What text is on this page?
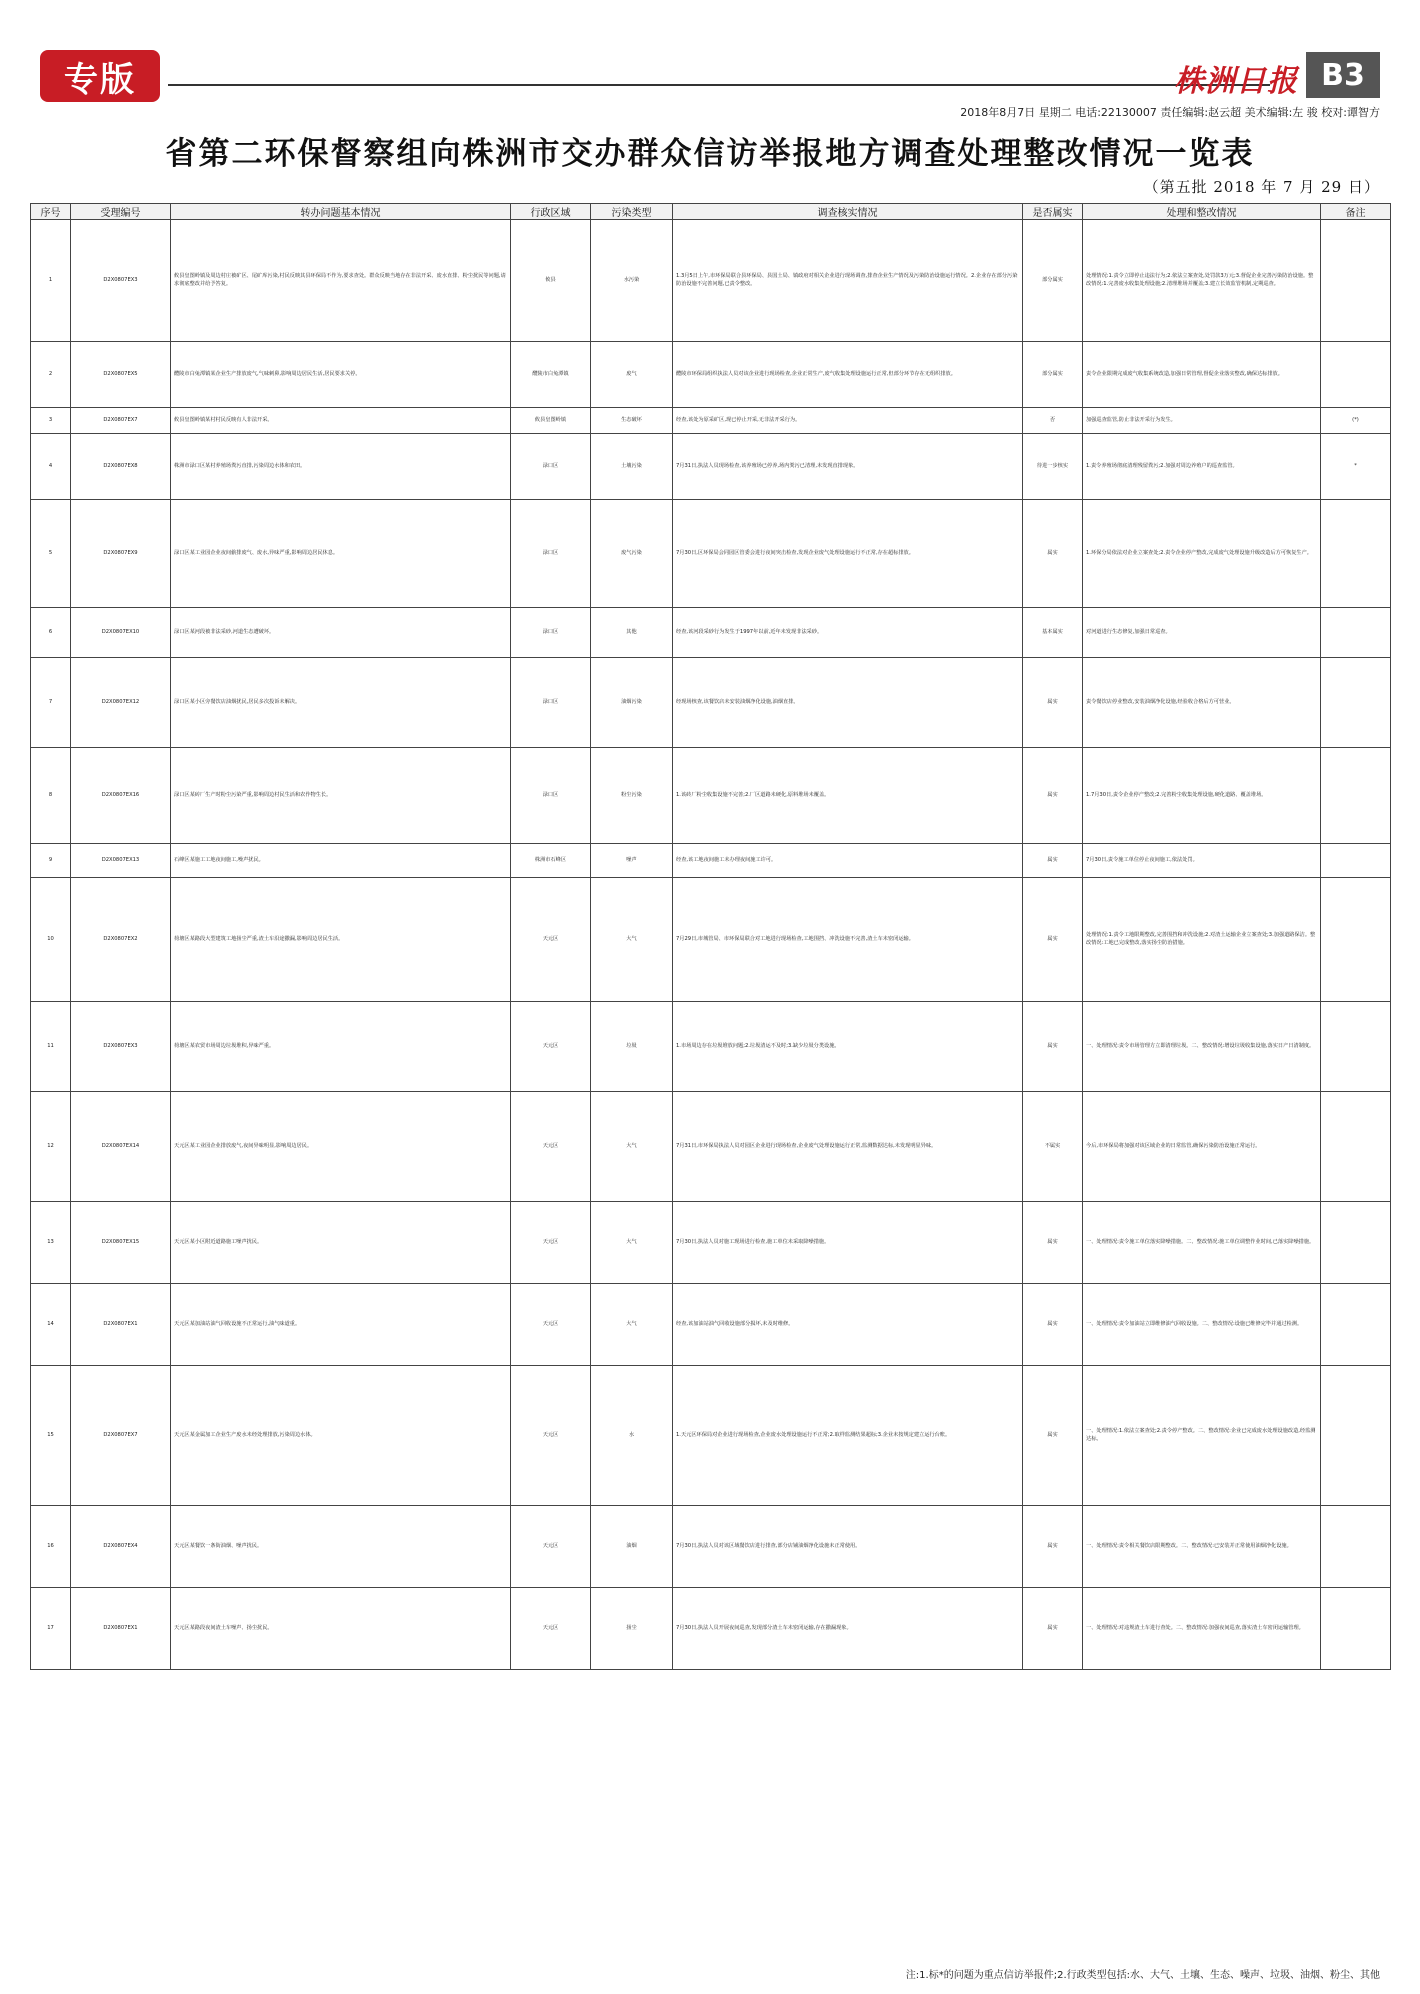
专版	株洲日报 B3
2018年8月7日 星期二 电话:22130007 责任编辑:赵云超 美术编辑:左 骏 校对:谭智方
省第二环保督察组向株洲市交办群众信访举报地方调查处理整改情况一览表
（第五批 2018 年 7 月 29 日）
序号	受理编号	转办问题基本情况	行政区域	污染类型	调查核实情况	是否属实	处理和整改情况	备注
1	D2X0807EX3	攸县皇图岭镇及周边村庄被矿区、尾矿库污染,村民反映其县环保局不作为,要求查处。群众反映当地存在非法开采、废水直排、粉尘扰民等问题,请求彻底整改并给予答复。	攸县	水污染	1.3月5日上午,市环保局联合县环保局、县国土局、镇政府对相关企业进行现场调查,排查企业生产情况及污染防治设施运行情况。2.企业存在部分污染防治设施不完善问题,已责令整改。	部分属实	处理情况:1.责令立即停止违法行为;2.依法立案查处,处罚款3万元;3.督促企业完善污染防治设施。整改情况:1.完善废水收集处理设施;2.清理堆场并覆盖;3.建立长效监管机制,定期巡查。	
2	D2X0807EX5	醴陵市白兔潭镇某企业生产排放废气,气味刺鼻,影响周边居民生活,居民要求关停。	醴陵市白兔潭镇	废气	醴陵市环保局组织执法人员对该企业进行现场检查,企业正常生产,废气收集处理设施运行正常,但部分环节存在无组织排放。	部分属实	责令企业限期完成废气收集系统改造,加强日常管理,督促企业落实整改,确保达标排放。	
3	D2X0807EX7	攸县皇图岭镇某村村民反映有人非法开采。	攸县皇图岭镇	生态破坏	经查,该处为原采矿区,现已停止开采,无非法开采行为。	否	加强巡查监管,防止非法开采行为发生。	(*)
4	D2X0807EX8	株洲市渌口区某村养殖场粪污直排,污染周边水体和农田。	渌口区	土壤污染	7月31日,执法人员现场检查,该养殖场已停养,场内粪污已清理,未发现直排现象。	待进一步核实	1.责令养殖场彻底清理残留粪污;2.加强对周边养殖户的巡查监管。	*
5	D2X0807EX9	渌口区某工业园企业夜间偷排废气、废水,异味严重,影响周边居民休息。	渌口区	废气污染	7月30日,区环保局会同园区管委会进行夜间突击检查,发现企业废气处理设施运行不正常,存在超标排放。	属实	1.环保分局依法对企业立案查处;2.责令企业停产整改,完成废气处理设施升级改造后方可恢复生产。	
6	D2X0807EX10	渌口区某河段被非法采砂,河道生态遭破坏。	渌口区	其他	经查,该河段采砂行为发生于1997年以前,近年未发现非法采砂。	基本属实	对河道进行生态修复,加强日常巡查。	
7	D2X0807EX12	渌口区某小区旁餐饮店油烟扰民,居民多次投诉未解决。	渌口区	油烟污染	经现场核查,该餐饮店未安装油烟净化设施,油烟直排。	属实	责令餐饮店停业整改,安装油烟净化设施,经验收合格后方可营业。	
8	D2X0807EX16	渌口区某砖厂生产时粉尘污染严重,影响周边村民生活和农作物生长。	渌口区	粉尘污染	1.该砖厂粉尘收集设施不完善;2.厂区道路未硬化,原料堆场未覆盖。	属实	1.7月30日,责令企业停产整改;2.完善粉尘收集处理设施,硬化道路、覆盖堆场。	
9	D2X0807EX13	石峰区某施工工地夜间施工,噪声扰民。	株洲市石峰区	噪声	经查,该工地夜间施工未办理夜间施工许可。	属实	7月30日,责令施工单位停止夜间施工,依法处罚。	
10	D2X0807EX2	荷塘区某路段大型建筑工地扬尘严重,渣土车沿途撒漏,影响周边居民生活。	天元区	大气	7月29日,市城管局、市环保局联合对工地进行现场检查,工地围挡、冲洗设施不完善,渣土车未密闭运输。	属实	处理情况:1.责令工地限期整改,完善围挡和冲洗设施;2.对渣土运输企业立案查处;3.加强道路保洁。整改情况:工地已完成整改,落实扬尘防治措施。	
11	D2X0807EX3	荷塘区某农贸市场周边垃圾堆积,异味严重。	天元区	垃圾	1.市场周边存在垃圾堆放问题;2.垃圾清运不及时;3.缺少垃圾分类设施。	属实	一、处理情况:责令市场管理方立即清理垃圾。二、整改情况:增设垃圾收集设施,落实日产日清制度。	
12	D2X0807EX14	天元区某工业园企业排放废气,夜间异味明显,影响周边居民。	天元区	大气	7月31日,市环保局执法人员对园区企业进行现场检查,企业废气处理设施运行正常,监测数据达标,未发现明显异味。	不属实	今后,市环保局将加强对该区域企业的日常监管,确保污染防治设施正常运行。	
13	D2X0807EX15	天元区某小区附近道路施工噪声扰民。	天元区	大气	7月30日,执法人员对施工现场进行检查,施工单位未采取降噪措施。	属实	一、处理情况:责令施工单位落实降噪措施。二、整改情况:施工单位调整作业时间,已落实降噪措施。	
14	D2X0807EX1	天元区某加油站油气回收设施不正常运行,油气味道重。	天元区	大气	经查,该加油站油气回收设施部分损坏,未及时维修。	属实	一、处理情况:责令加油站立即维修油气回收设施。二、整改情况:设施已维修完毕并通过检测。	
15	D2X0807EX7	天元区某金属加工企业生产废水未经处理排放,污染周边水体。	天元区	水	1.天元区环保局对企业进行现场检查,企业废水处理设施运行不正常;2.取样监测结果超标;3.企业未按规定建立运行台账。	属实	一、处理情况:1.依法立案查处;2.责令停产整改。二、整改情况:企业已完成废水处理设施改造,经监测达标。	
16	D2X0807EX4	天元区某餐饮一条街油烟、噪声扰民。	天元区	油烟	7月30日,执法人员对该区域餐饮店进行排查,部分店铺油烟净化设施未正常使用。	属实	一、处理情况:责令相关餐饮店限期整改。二、整改情况:已安装并正常使用油烟净化设施。	
17	D2X0807EX1	天元区某路段夜间渣土车噪声、扬尘扰民。	天元区	扬尘	7月30日,执法人员开展夜间巡查,发现部分渣土车未密闭运输,存在撒漏现象。	属实	一、处理情况:对违规渣土车进行查处。二、整改情况:加强夜间巡查,落实渣土车密闭运输管理。	
注:1.标*的问题为重点信访举报件;2.行政类型包括:水、大气、土壤、生态、噪声、垃圾、油烟、粉尘、其他
